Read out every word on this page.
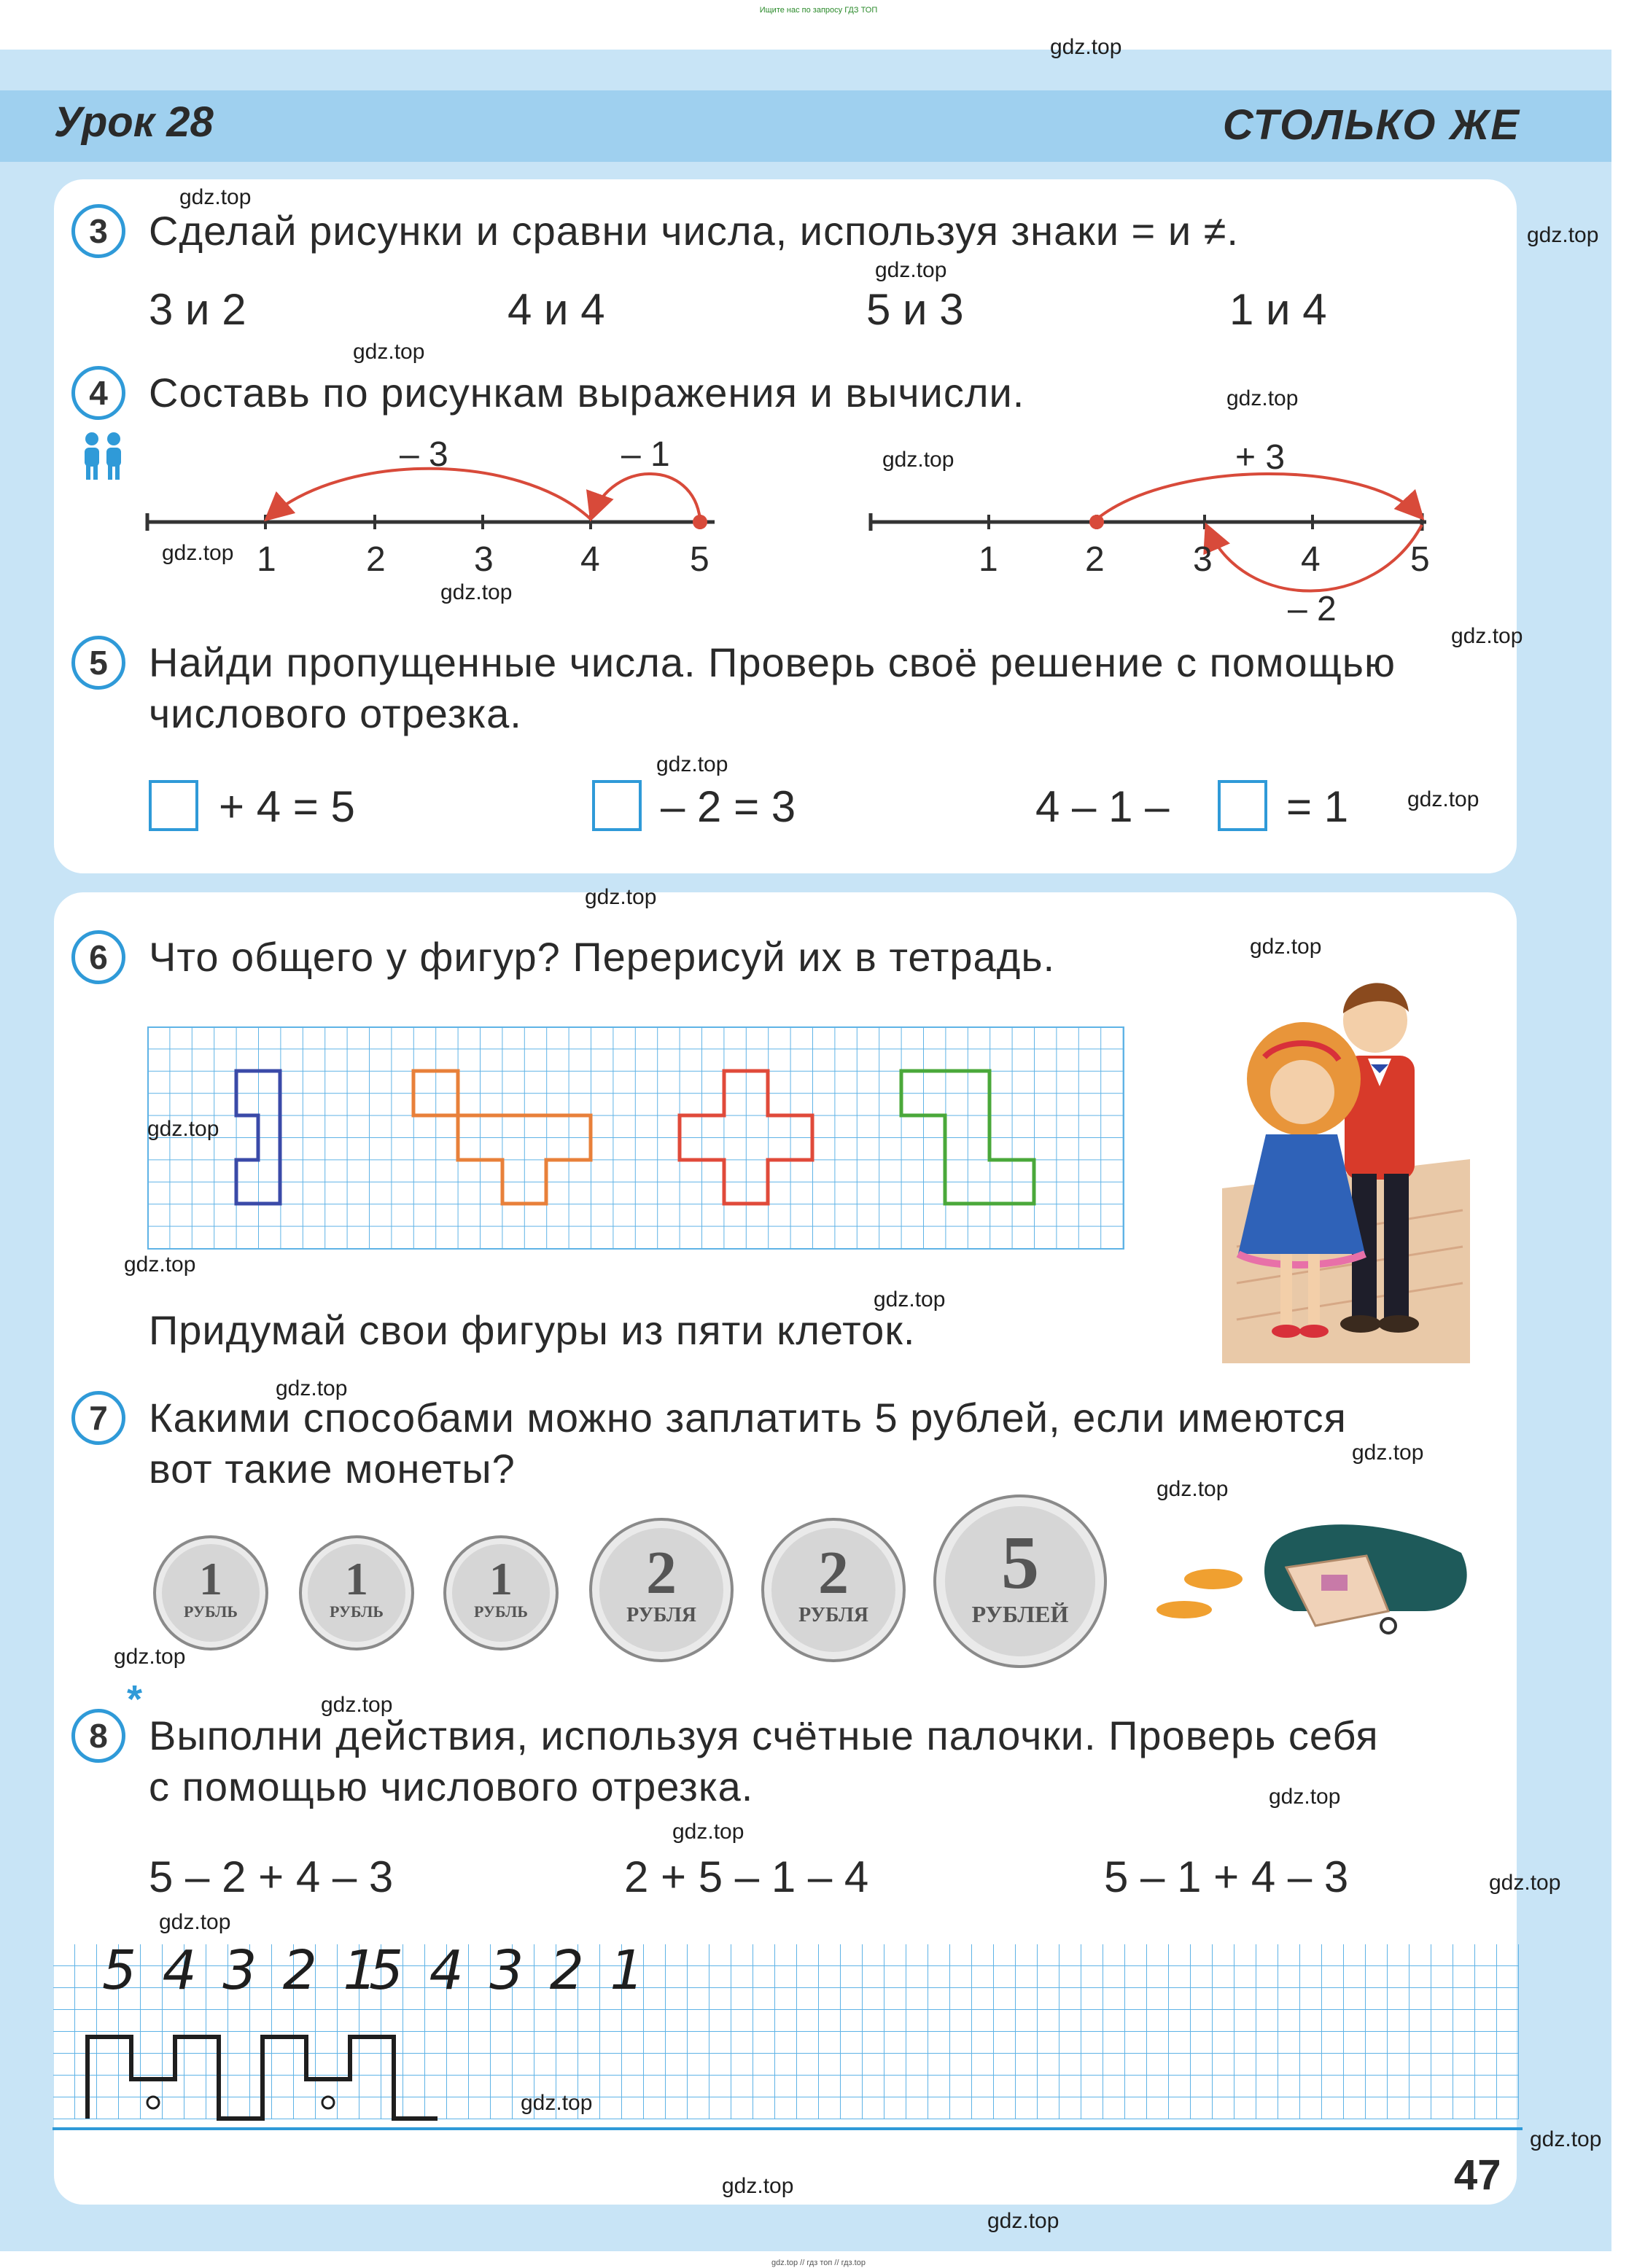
Ищите нас по запросу ГДЗ ТОП
Урок 28	СТОЛЬКО ЖЕ
3	Сделай рисунки и сравни числа, используя знаки = и ≠.
3 и 2	4 и 4	5 и 3	1 и 4
4	Составь по рисункам выражения и вычисли.
– 3	– 1
1	2	3 4	5
+ 3
1 2	3	4	5
– 2
5	Найди пропущенные числа. Проверь своё решение с помощью
числового отрезка.
+ 4 = 5	– 2 = 3	4 – 1 –	= 1
6	Что общего у фигур? Перерисуй их в тетрадь.
Придумай свои фигуры из пяти клеток.
7	Какими способами можно заплатить 5 рублей, если имеются
вот такие монеты?
1
РУБЛЬ
1
РУБЛЬ
1
РУБЛЬ
2
РУБЛЯ
2
РУБЛЯ
5
РУБЛЕЙ
*
8	Выполни действия, используя счётные палочки. Проверь себя
с помощью числового отрезка.
5 – 2 + 4 – 3	2 + 5 – 1 – 4	5 – 1 + 4 – 3
5 4 3 2 1
5 4 3 2 1
47
gdz.top
gdz.top
gdz.top
gdz.top
gdz.top
gdz.top
gdz.top
gdz.top
gdz.top
gdz.top
gdz.top
gdz.top
gdz.top
gdz.top
gdz.top
gdz.top
gdz.top
gdz.top
gdz.top
gdz.top
gdz.top
gdz.top
gdz.top
gdz.top
gdz.top
gdz.top
gdz.top
gdz.top
gdz.top
gdz.top
gdz.top // гдз топ // гдз.top
